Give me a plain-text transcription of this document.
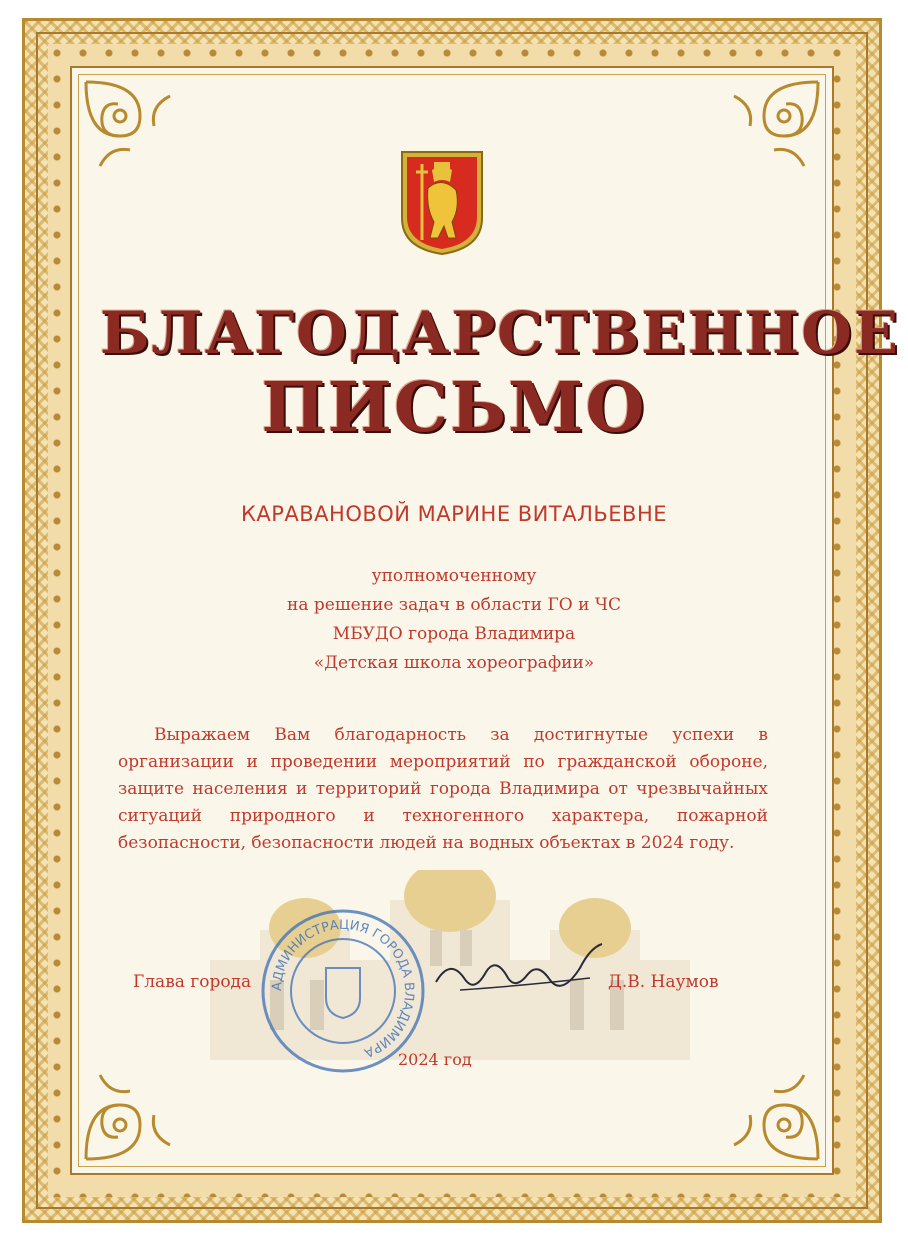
БЛАГОДАРСТВЕННОЕ
ПИСЬМО
КАРАВАНОВОЙ МАРИНЕ ВИТАЛЬЕВНЕ
уполномоченному
на решение задач в области ГО и ЧС
МБУДО города Владимира
«Детская школа хореографии»

Выражаем Вам благодарность за достигнутые успехи в организации и проведении мероприятий по гражданской обороне, защите населения и территорий города Владимира от чрезвычайных ситуаций природного и техногенного характера, пожарной безопасности, безопасности людей на водных объектах в 2024 году.

АДМИНИСТРАЦИЯ ГОРОДА ВЛАДИМИРА
Глава города	Д.В. Наумов
2024 год
